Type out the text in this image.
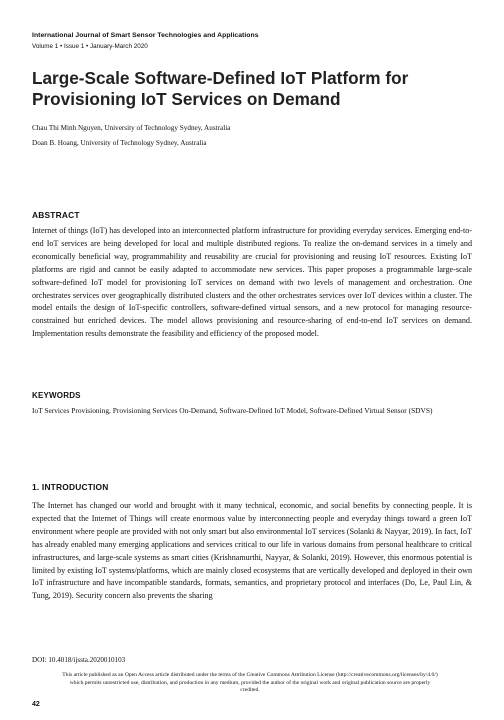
International Journal of Smart Sensor Technologies and Applications
Volume 1 • Issue 1 • January-March 2020
Large-Scale Software-Defined IoT Platform for Provisioning IoT Services on Demand
Chau Thi Minh Nguyen, University of Technology Sydney, Australia
Doan B. Hoang, University of Technology Sydney, Australia
ABSTRACT
Internet of things (IoT) has developed into an interconnected platform infrastructure for providing everyday services. Emerging end-to-end IoT services are being developed for local and multiple distributed regions. To realize the on-demand services in a timely and economically beneficial way, programmability and reusability are crucial for provisioning and reusing IoT resources. Existing IoT platforms are rigid and cannot be easily adapted to accommodate new services. This paper proposes a programmable large-scale software-defined IoT model for provisioning IoT services on demand with two levels of management and orchestration. One orchestrates services over geographically distributed clusters and the other orchestrates services over IoT devices within a cluster. The model entails the design of IoT-specific controllers, software-defined virtual sensors, and a new protocol for managing resource-constrained but enriched devices. The model allows provisioning and resource-sharing of end-to-end IoT services on demand. Implementation results demonstrate the feasibility and efficiency of the proposed model.
KEYWORDS
IoT Services Provisioning, Provisioning Services On-Demand, Software-Defined IoT Model, Software-Defined Virtual Sensor (SDVS)
1. INTRODUCTION
The Internet has changed our world and brought with it many technical, economic, and social benefits by connecting people. It is expected that the Internet of Things will create enormous value by interconnecting people and everyday things toward a green IoT environment where people are provided with not only smart but also environmental IoT services (Solanki & Nayyar, 2019). In fact, IoT has already enabled many emerging applications and services critical to our life in various domains from personal healthcare to critical infrastructures, and large-scale systems as smart cities (Krishnamurthi, Nayyar, & Solanki, 2019). However, this enormous potential is limited by existing IoT systems/platforms, which are mainly closed ecosystems that are vertically developed and deployed in their own IoT infrastructure and have incompatible standards, formats, semantics, and proprietary protocol and interfaces (Do, Le, Paul Lin, & Tung, 2019). Security concern also prevents the sharing
DOI: 10.4018/ijssta.2020010103
This article published as an Open Access article distributed under the terms of the Creative Commons Attribution License (http://creativecommons.org/licenses/by/4.0/) which permits unrestricted use, distribution, and production in any medium, provided the author of the original work and original publication source are properly credited.
42
